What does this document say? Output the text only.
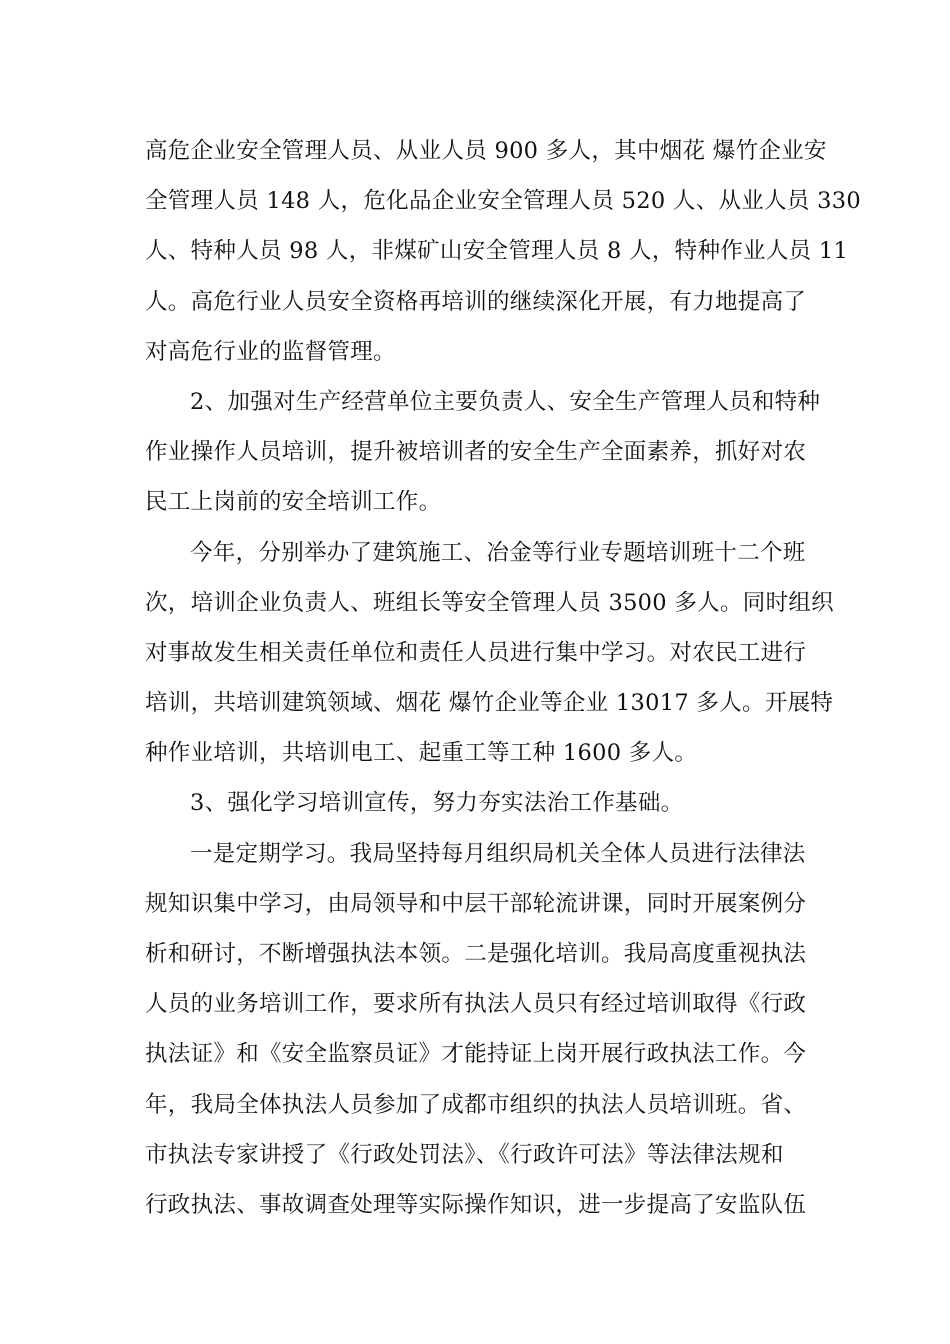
高危企业安全管理人员、从业人员 900 多人，其中烟花 爆竹企业安
全管理人员 148 人，危化品企业安全管理人员 520 人、从业人员 330
人、特种人员 98 人，非煤矿山安全管理人员 8 人，特种作业人员 11
人。高危行业人员安全资格再培训的继续深化开展，有力地提高了
对高危行业的监督管理。
2、加强对生产经营单位主要负责人、安全生产管理人员和特种
作业操作人员培训，提升被培训者的安全生产全面素养，抓好对农
民工上岗前的安全培训工作。
今年，分别举办了建筑施工、冶金等行业专题培训班十二个班
次，培训企业负责人、班组长等安全管理人员 3500 多人。同时组织
对事故发生相关责任单位和责任人员进行集中学习。对农民工进行
培训，共培训建筑领域、烟花 爆竹企业等企业 13017 多人。开展特
种作业培训，共培训电工、起重工等工种 1600 多人。
3、强化学习培训宣传，努力夯实法治工作基础。
一是定期学习。我局坚持每月组织局机关全体人员进行法律法
规知识集中学习，由局领导和中层干部轮流讲课，同时开展案例分
析和研讨，不断增强执法本领。二是强化培训。我局高度重视执法
人员的业务培训工作，要求所有执法人员只有经过培训取得《行政
执法证》和《安全监察员证》才能持证上岗开展行政执法工作。今
年，我局全体执法人员参加了成都市组织的执法人员培训班。省、
市执法专家讲授了《行政处罚法》、《行政许可法》等法律法规和
行政执法、事故调查处理等实际操作知识，进一步提高了安监队伍
